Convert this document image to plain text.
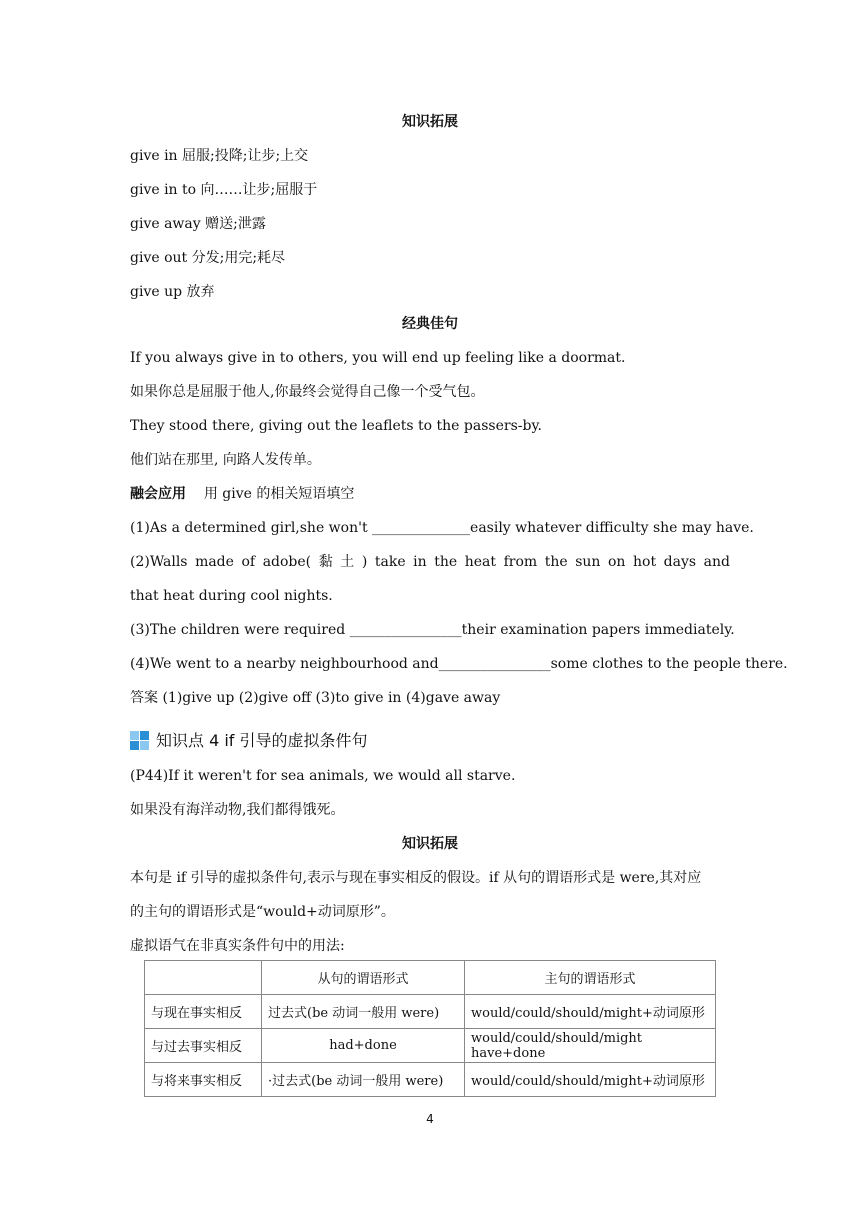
知识拓展
give in 屈服;投降;让步;上交
give in to 向……让步;屈服于
give away 赠送;泄露
give out 分发;用完;耗尽
give up 放弃
经典佳句
If you always give in to others, you will end up feeling like a doormat.
如果你总是屈服于他人,你最终会觉得自己像一个受气包。
They stood there, giving out the leaflets to the passers-by.
他们站在那里, 向路人发传单。
融会应用 用 give 的相关短语填空
(1)As a determined girl,she won't ______________easily whatever difficulty she may have.
(2)Walls made of adobe( 黏 土 ) take in the heat from the sun on hot days and
that heat during cool nights.
(3)The children were required ________________their examination papers immediately.
(4)We went to a nearby neighbourhood and________________some clothes to the people there.
答案 (1)give up (2)give off (3)to give in (4)gave away
知识点 4 if 引导的虚拟条件句
(P44)If it weren't for sea animals, we would all starve.
如果没有海洋动物,我们都得饿死。
知识拓展
本句是 if 引导的虚拟条件句,表示与现在事实相反的假设。if 从句的谓语形式是 were,其对应
的主句的谓语形式是“would+动词原形”。
虚拟语气在非真实条件句中的用法:
	从句的谓语形式	主句的谓语形式
与现在事实相反	过去式(be 动词一般用 were)	would/could/should/might+动词原形
与过去事实相反	had+done	would/could/should/might have+done
与将来事实相反	·过去式(be 动词一般用 were)	would/could/should/might+动词原形
4
